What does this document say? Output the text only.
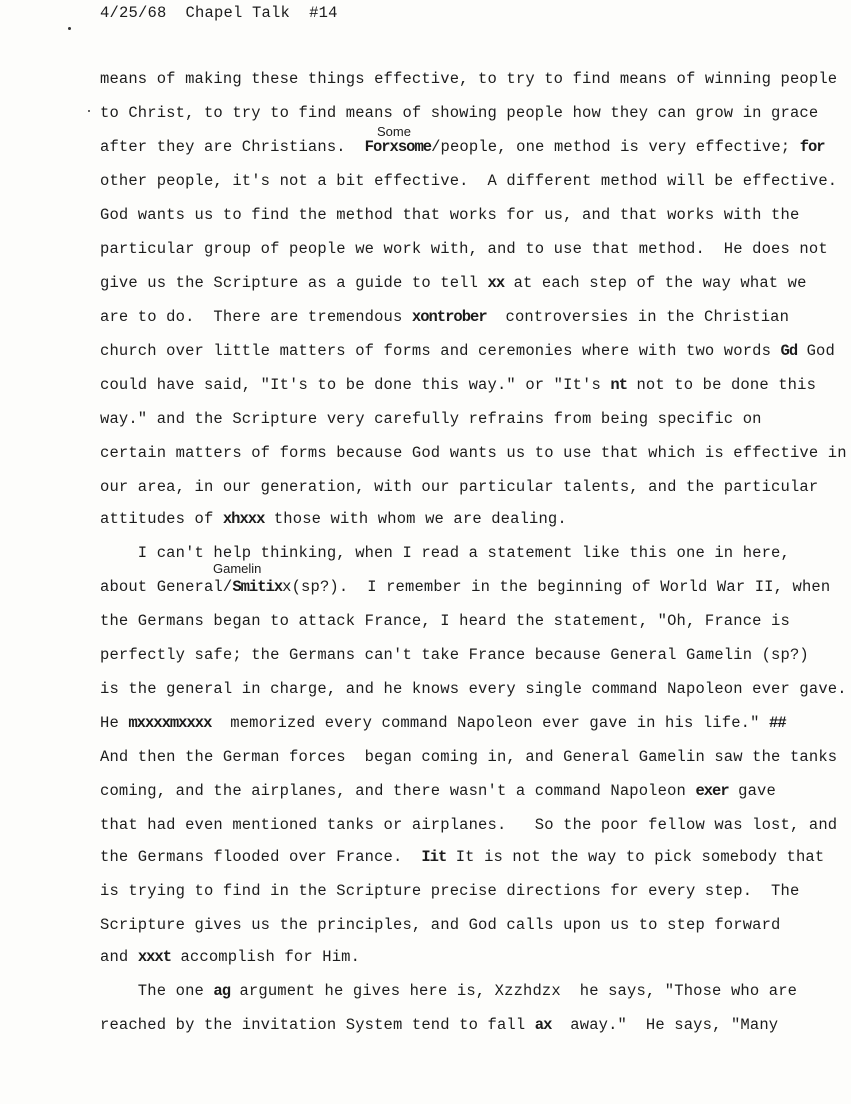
4/25/68 Chapel Talk #14
Some
Gamelin
means of making these things effective, to try to find means of winning people
to Christ, to try to find means of showing people how they can grow in grace
after they are Christians.  Forxsome/people, one method is very effective; for
other people, it's not a bit effective.  A different method will be effective.
God wants us to find the method that works for us, and that works with the
particular group of people we work with, and to use that method.  He does not
give us the Scripture as a guide to tell xx at each step of the way what we
are to do.  There are tremendous xontrober  controversies in the Christian
church over little matters of forms and ceremonies where with two words Gd God
could have said, "It's to be done this way." or "It's nt not to be done this
way." and the Scripture very carefully refrains from being specific on
certain matters of forms because God wants us to use that which is effective in
our area, in our generation, with our particular talents, and the particular
attitudes of xhxxx those with whom we are dealing.
I can't help thinking, when I read a statement like this one in here,
about General/Smitixx(sp?).  I remember in the beginning of World War II, when
the Germans began to attack France, I heard the statement, "Oh, France is
perfectly safe; the Germans can't take France because General Gamelin (sp?)
is the general in charge, and he knows every single command Napoleon ever gave.
He mxxxxmxxxx  memorized every command Napoleon ever gave in his life." ##
And then the German forces  began coming in, and General Gamelin saw the tanks
coming, and the airplanes, and there wasn't a command Napoleon exer gave
that had even mentioned tanks or airplanes.   So the poor fellow was lost, and
the Germans flooded over France.  Iit It is not the way to pick somebody that
is trying to find in the Scripture precise directions for every step.  The
Scripture gives us the principles, and God calls upon us to step forward
and xxxt accomplish for Him.
The one ag argument he gives here is, Xzzhdzx  he says, "Those who are
reached by the invitation System tend to fall ax  away."  He says, "Many
